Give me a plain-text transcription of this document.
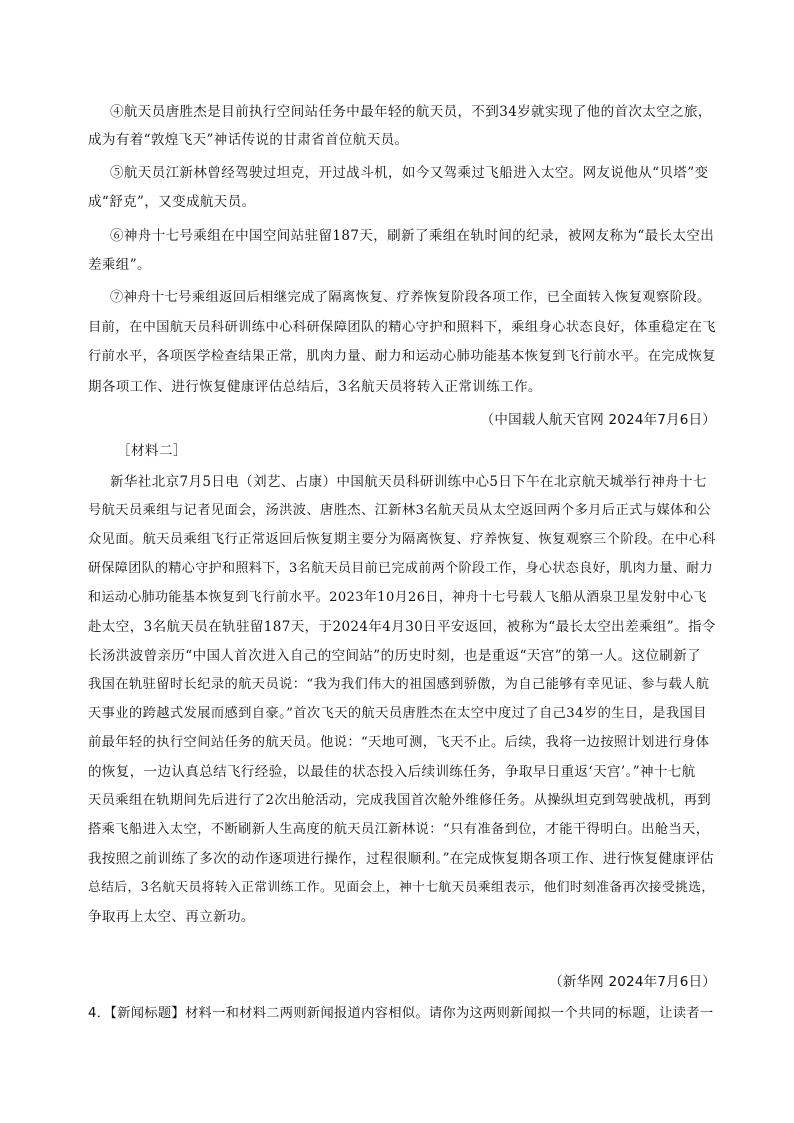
④航天员唐胜杰是目前执行空间站任务中最年轻的航天员，不到34岁就实现了他的首次太空之旅，
成为有着“敦煌飞天”神话传说的甘肃省首位航天员。
⑤航天员江新林曾经驾驶过坦克，开过战斗机，如今又驾乘过飞船进入太空。网友说他从“贝塔”变
成“舒克”，又变成航天员。
⑥神舟十七号乘组在中国空间站驻留187天，刷新了乘组在轨时间的纪录，被网友称为“最长太空出
差乘组”。
⑦神舟十七号乘组返回后相继完成了隔离恢复、疗养恢复阶段各项工作，已全面转入恢复观察阶段。
目前，在中国航天员科研训练中心科研保障团队的精心守护和照料下，乘组身心状态良好，体重稳定在飞
行前水平，各项医学检查结果正常，肌肉力量、耐力和运动心肺功能基本恢复到飞行前水平。在完成恢复
期各项工作、进行恢复健康评估总结后，3名航天员将转入正常训练工作。
（中国载人航天官网 2024年7月6日）
［材料二］
新华社北京7月5日电（刘艺、占康）中国航天员科研训练中心5日下午在北京航天城举行神舟十七
号航天员乘组与记者见面会，汤洪波、唐胜杰、江新林3名航天员从太空返回两个多月后正式与媒体和公
众见面。航天员乘组飞行正常返回后恢复期主要分为隔离恢复、疗养恢复、恢复观察三个阶段。在中心科
研保障团队的精心守护和照料下，3名航天员目前已完成前两个阶段工作，身心状态良好，肌肉力量、耐力
和运动心肺功能基本恢复到飞行前水平。2023年10月26日，神舟十七号载人飞船从酒泉卫星发射中心飞
赴太空，3名航天员在轨驻留187天，于2024年4月30日平安返回，被称为“最长太空出差乘组”。指令
长汤洪波曾亲历“中国人首次进入自己的空间站”的历史时刻，也是重返“天宫”的第一人。这位刷新了
我国在轨驻留时长纪录的航天员说：“我为我们伟大的祖国感到骄傲，为自己能够有幸见证、参与载人航
天事业的跨越式发展而感到自豪。”首次飞天的航天员唐胜杰在太空中度过了自己34岁的生日，是我国目
前最年轻的执行空间站任务的航天员。他说：“天地可测，飞天不止。后续，我将一边按照计划进行身体
的恢复，一边认真总结飞行经验，以最佳的状态投入后续训练任务，争取早日重返‘天宫’。”神十七航
天员乘组在轨期间先后进行了2次出舱活动，完成我国首次舱外维修任务。从操纵坦克到驾驶战机，再到
搭乘飞船进入太空，不断刷新人生高度的航天员江新林说：“只有准备到位，才能干得明白。出舱当天，
我按照之前训练了多次的动作逐项进行操作，过程很顺利。”在完成恢复期各项工作、进行恢复健康评估
总结后，3名航天员将转入正常训练工作。见面会上，神十七航天员乘组表示，他们时刻准备再次接受挑选，
争取再上太空、再立新功。
（新华网 2024年7月6日）
4．【新闻标题】材料一和材料二两则新闻报道内容相似。请你为这两则新闻拟一个共同的标题，让读者一
